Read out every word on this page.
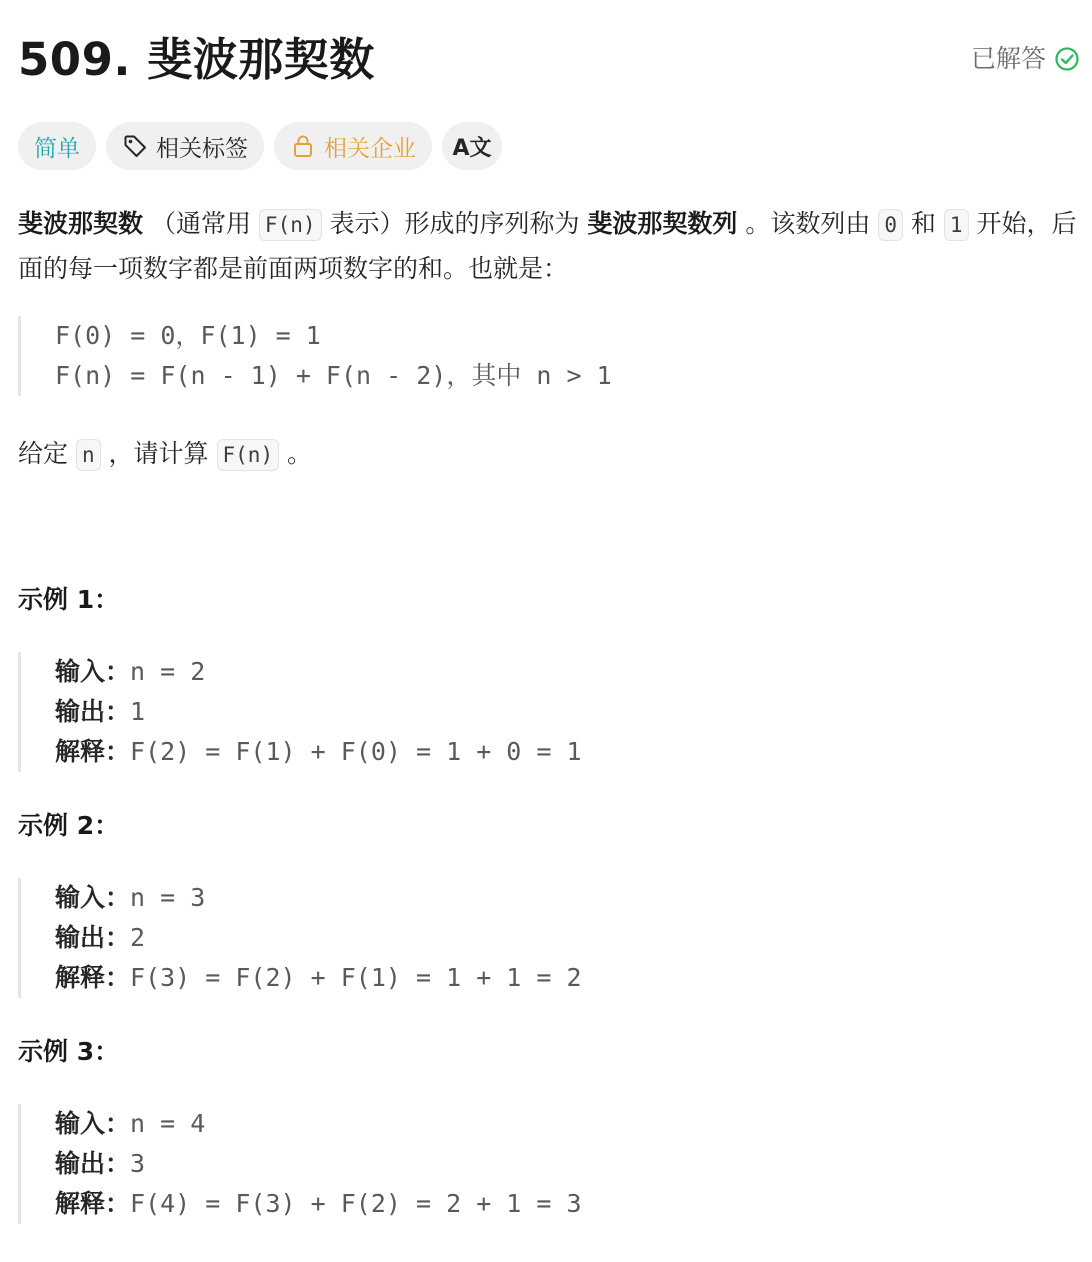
509. 斐波那契数	已解答
简单	相关标签	相关企业 A文

斐波那契数 （通常用 F(n) 表示）形成的序列称为 斐波那契数列 。该数列由 0 和 1 开始，后面的每一项数字都是前面两项数字的和。也就是：

F(0) = 0，F(1) = 1
F(n) = F(n - 1) + F(n - 2)，其中 n > 1
给定 n ，请计算 F(n) 。
示例 1：
输入：n = 2
输出：1
解释：F(2) = F(1) + F(0) = 1 + 0 = 1
示例 2：
输入：n = 3
输出：2
解释：F(3) = F(2) + F(1) = 1 + 1 = 2
示例 3：
输入：n = 4
输出：3
解释：F(4) = F(3) + F(2) = 2 + 1 = 3
